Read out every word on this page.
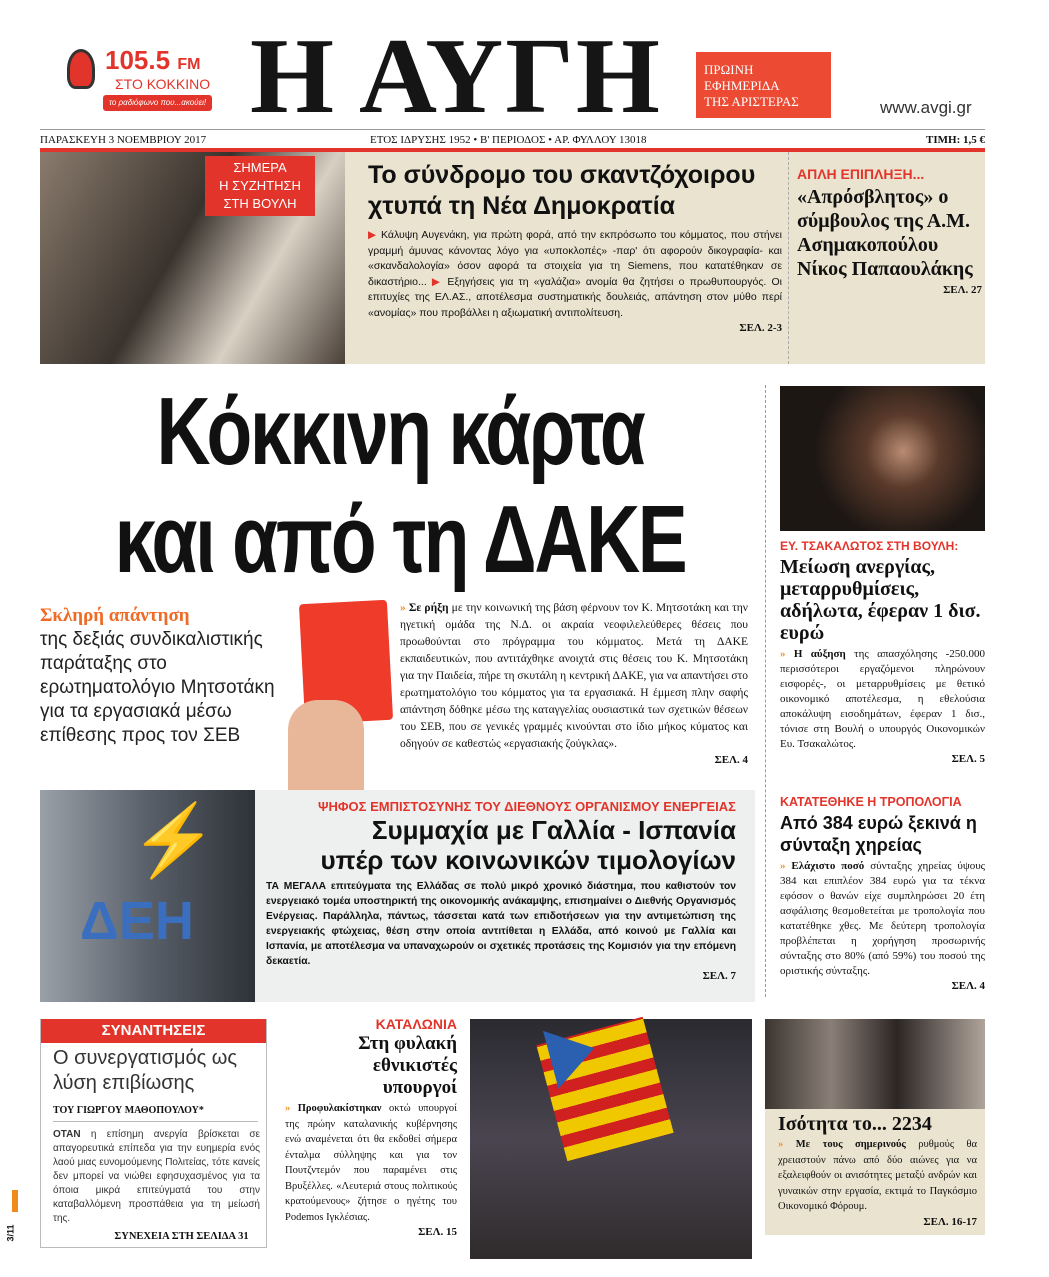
105.5 FM
ΣΤΟ ΚΟΚΚΙΝΟ
το ραδιόφωνο που...ακούει! Η ΑΥΓΗ	ΠΡΩΙΝΗ
ΕΦΗΜΕΡΙΔΑ
ΤΗΣ ΑΡΙΣΤΕΡΑΣ	www.avgi.gr
ΠΑΡΑΣΚΕΥΗ 3 ΝΟΕΜΒΡΙΟΥ 2017	ΕΤΟΣ ΙΔΡΥΣΗΣ 1952 • Β' ΠΕΡΙΟΔΟΣ • ΑΡ. ΦΥΛΛΟΥ 13018	ΤΙΜΗ: 1,5 €
ΣΗΜΕΡΑ
Η ΣΥΖΗΤΗΣΗ
ΣΤΗ ΒΟΥΛΗ
Το σύνδρομο του σκαντζόχοιρου χτυπά τη Νέα Δημοκρατία
▶ Κάλυψη Αυγενάκη, για πρώτη φορά, από την εκπρόσωπο του κόμματος, που στήνει γραμμή άμυνας κάνοντας λόγο για «υποκλοπές» -παρ' ότι αφορούν δικογραφία- και «σκανδαλολογία» όσον αφορά τα στοιχεία για τη Siemens, που κατατέθηκαν σε δικαστήριο... ▶ Εξηγήσεις για τη «γαλάζια» ανομία θα ζητήσει ο πρωθυπουργός. Οι επιτυχίες της ΕΛ.ΑΣ., αποτέλεσμα συστηματικής δουλειάς, απάντηση στον μύθο περί «ανομίας» που προβάλλει η αξιωματική αντιπολίτευση.
ΣΕΛ. 2-3
ΑΠΛΗ ΕΠΙΠΛΗΞΗ...
«Απρόσβλητος» ο σύμβουλος της Α.Μ. Ασημακοπούλου Νίκος Παπαουλάκης
ΣΕΛ. 27
Κόκκινη κάρτα
και από τη ΔΑΚΕ
Σκληρή απάντηση
της δεξιάς συνδικαλιστικής παράταξης στο ερωτηματολόγιο Μητσοτάκη για τα εργασιακά μέσω επίθεσης προς τον ΣΕΒ
» Σε ρήξη με την κοινωνική της βάση φέρνουν τον Κ. Μητσοτάκη και την ηγετική ομάδα της Ν.Δ. οι ακραία νεοφιλελεύθερες θέσεις που προωθούνται στο πρόγραμμα του κόμματος. Μετά τη ΔΑΚΕ εκπαιδευτικών, που αντιτάχθηκε ανοιχτά στις θέσεις του Κ. Μητσοτάκη για την Παιδεία, πήρε τη σκυτάλη η κεντρική ΔΑΚΕ, για να απαντήσει στο ερωτηματολόγιο του κόμματος για τα εργασιακά. Η έμμεση πλην σαφής απάντηση δόθηκε μέσω της καταγγελίας ουσιαστικά των σχετικών θέσεων του ΣΕΒ, που σε γενικές γραμμές κινούνται στο ίδιο μήκος κύματος και οδηγούν σε καθεστώς «εργασιακής ζούγκλας».
ΣΕΛ. 4
ΕΥ. ΤΣΑΚΑΛΩΤΟΣ ΣΤΗ ΒΟΥΛΗ:
Μείωση ανεργίας, μεταρρυθμίσεις, αδήλωτα, έφεραν 1 δισ. ευρώ
» Η αύξηση της απασχόλησης -250.000 περισσότεροι εργαζόμενοι πληρώνουν εισφορές-, οι μεταρρυθμίσεις με θετικό οικονομικό αποτέλεσμα, η εθελούσια αποκάλυψη εισοδημάτων, έφεραν 1 δισ., τόνισε στη Βουλή ο υπουργός Οικονομικών Ευ. Τσακαλώτος.
ΣΕΛ. 5
⚡
ΔΕΗ
ΨΗΦΟΣ ΕΜΠΙΣΤΟΣΥΝΗΣ ΤΟΥ ΔΙΕΘΝΟΥΣ ΟΡΓΑΝΙΣΜΟΥ ΕΝΕΡΓΕΙΑΣ
Συμμαχία με Γαλλία - Ισπανία
υπέρ των κοινωνικών τιμολογίων
ΤΑ ΜΕΓΑΛΑ επιτεύγματα της Ελλάδας σε πολύ μικρό χρονικό διάστημα, που καθιστούν τον ενεργειακό τομέα υποστηρικτή της οικονομικής ανάκαμψης, επισημαίνει ο Διεθνής Οργανισμός Ενέργειας. Παράλληλα, πάντως, τάσσεται κατά των επιδοτήσεων για την αντιμετώπιση της ενεργειακής φτώχειας, θέση στην οποία αντιτίθεται η Ελλάδα, από κοινού με Γαλλία και Ισπανία, με αποτέλεσμα να υπαναχωρούν οι σχετικές προτάσεις της Κομισιόν για την επόμενη δεκαετία.
ΣΕΛ. 7
ΚΑΤΑΤΕΘΗΚΕ Η ΤΡΟΠΟΛΟΓΙΑ
Από 384 ευρώ ξεκινά η σύνταξη χηρείας
» Ελάχιστο ποσό σύνταξης χηρείας ύψους 384 και επιπλέον 384 ευρώ για τα τέκνα εφόσον ο θανών είχε συμπληρώσει 20 έτη ασφάλισης θεσμοθετείται με τροπολογία που κατατέθηκε χθες. Με δεύτερη τροπολογία προβλέπεται η χορήγηση προσωρινής σύνταξης στο 80% (από 59%) του ποσού της οριστικής σύνταξης.
ΣΕΛ. 4
ΣΥΝΑΝΤΗΣΕΙΣ
Ο συνεργατισμός ως λύση επιβίωσης
ΤΟΥ ΓΙΩΡΓΟΥ ΜΑΘΟΠΟΥΛΟΥ*
ΟΤΑΝ η επίσημη ανεργία βρίσκεται σε απαγορευτικά επίπεδα για την ευημερία ενός λαού μιας ευνομούμενης Πολιτείας, τότε κανείς δεν μπορεί να νιώθει εφησυχασμένος για τα όποια μικρά επιτεύγματά του στην καταβαλλόμενη προσπάθεια για τη μείωσή της.
ΣΥΝΕΧΕΙΑ ΣΤΗ ΣΕΛΙΔΑ 31
3/11
ΚΑΤΑΛΩΝΙΑ
Στη φυλακή εθνικιστές υπουργοί
» Προφυλακίστηκαν οκτώ υπουργοί της πρώην καταλανικής κυβέρνησης ενώ αναμένεται ότι θα εκδοθεί σήμερα ένταλμα σύλληψης και για τον Πουτζντεμόν που παραμένει στις Βρυξέλλες. «Λευτεριά στους πολιτικούς κρατούμενους» ζήτησε ο ηγέτης του Podemos Ιγκλέσιας.
ΣΕΛ. 15
Ισότητα το... 2234
» Με τους σημερινούς ρυθμούς θα χρειαστούν πάνω από δύο αιώνες για να εξαλειφθούν οι ανισότητες μεταξύ ανδρών και γυναικών στην εργασία, εκτιμά το Παγκόσμιο Οικονομικό Φόρουμ.
ΣΕΛ. 16-17
